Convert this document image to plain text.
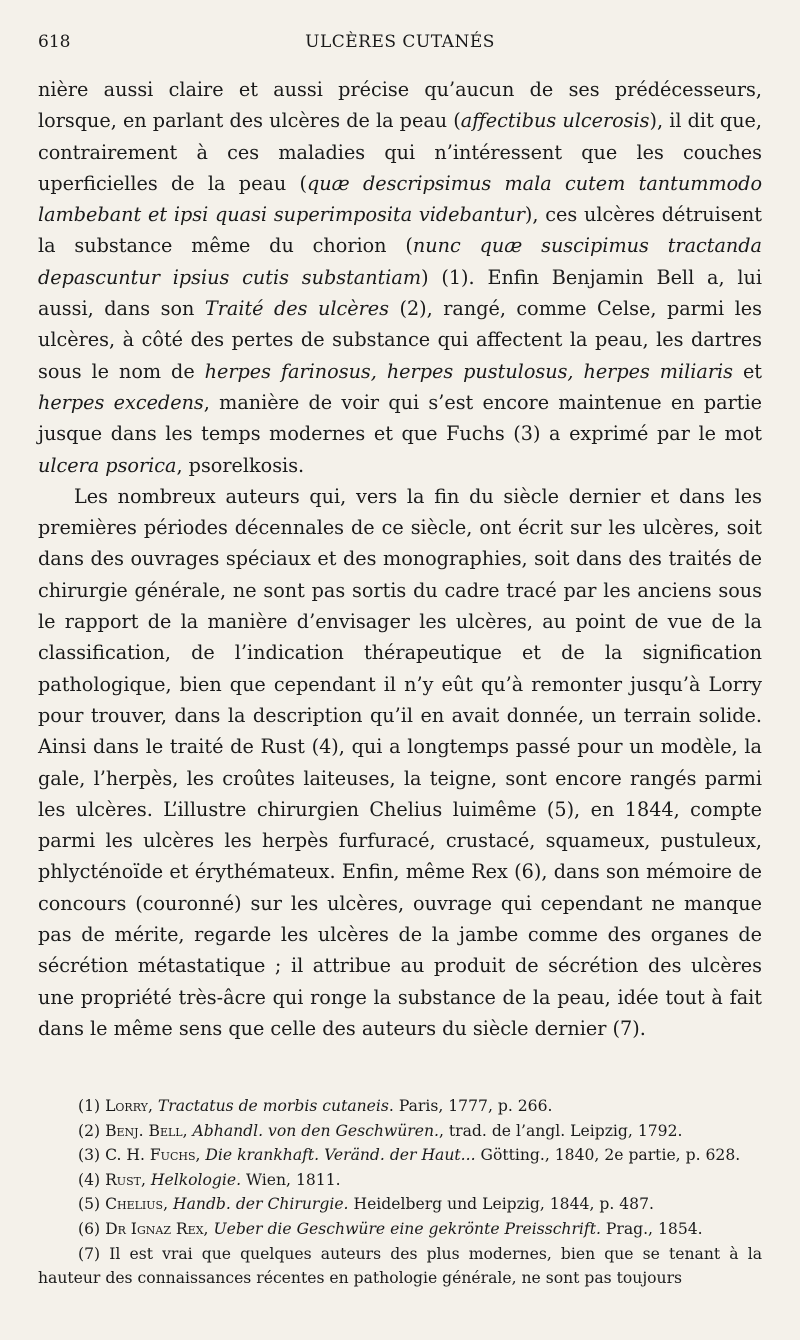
618	ULCÈRES CUTANÉS

nière aussi claire et aussi précise qu’aucun de ses prédécesseurs, lorsque, en parlant des ulcères de la peau (affectibus ulcerosis), il dit que, contrairement à ces maladies qui n’intéressent que les couches uperficielles de la peau (quæ descripsimus mala cutem tantummodo lambebant et ipsi quasi superimposita videbantur), ces ulcères détruisent la substance même du chorion (nunc quæ suscipimus tractanda depascuntur ipsius cutis substantiam) (1). Enfin Benjamin Bell a, lui aussi, dans son Traité des ulcères (2), rangé, comme Celse, parmi les ulcères, à côté des pertes de substance qui affectent la peau, les dartres sous le nom de herpes farinosus, herpes pustulosus, herpes miliaris et herpes excedens, manière de voir qui s’est encore maintenue en partie jusque dans les temps modernes et que Fuchs (3) a exprimé par le mot ulcera psorica, psorelkosis.

Les nombreux auteurs qui, vers la fin du siècle dernier et dans les premières périodes décennales de ce siècle, ont écrit sur les ulcères, soit dans des ouvrages spéciaux et des monographies, soit dans des traités de chirurgie générale, ne sont pas sortis du cadre tracé par les anciens sous le rapport de la manière d’envisager les ulcères, au point de vue de la classification, de l’indication thérapeutique et de la signification pathologique, bien que cependant il n’y eût qu’à remonter jusqu’à Lorry pour trouver, dans la description qu’il en avait donnée, un terrain solide. Ainsi dans le traité de Rust (4), qui a longtemps passé pour un modèle, la gale, l’herpès, les croûtes laiteuses, la teigne, sont encore rangés parmi les ulcères. L’illustre chirurgien Chelius luimême (5), en 1844, compte parmi les ulcères les herpès furfuracé, crustacé, squameux, pustuleux, phlycténoïde et érythémateux. Enfin, même Rex (6), dans son mémoire de concours (couronné) sur les ulcères, ouvrage qui cependant ne manque pas de mérite, regarde les ulcères de la jambe comme des organes de sécrétion métastatique ; il attribue au produit de sécrétion des ulcères une propriété très-âcre qui ronge la substance de la peau, idée tout à fait dans le même sens que celle des auteurs du siècle dernier (7).

(1) Lorry, Tractatus de morbis cutaneis. Paris, 1777, p. 266.

(2) Benj. Bell, Abhandl. von den Geschwüren., trad. de l’angl. Leipzig, 1792.

(3) C. H. Fuchs, Die krankhaft. Veränd. der Haut... Götting., 1840, 2e partie, p. 628.

(4) Rust, Helkologie. Wien, 1811.

(5) Chelius, Handb. der Chirurgie. Heidelberg und Leipzig, 1844, p. 487.

(6) Dr Ignaz Rex, Ueber die Geschwüre eine gekrönte Preisschrift. Prag., 1854.

(7) Il est vrai que quelques auteurs des plus modernes, bien que se tenant à la hauteur des connaissances récentes en pathologie générale, ne sont pas toujours
